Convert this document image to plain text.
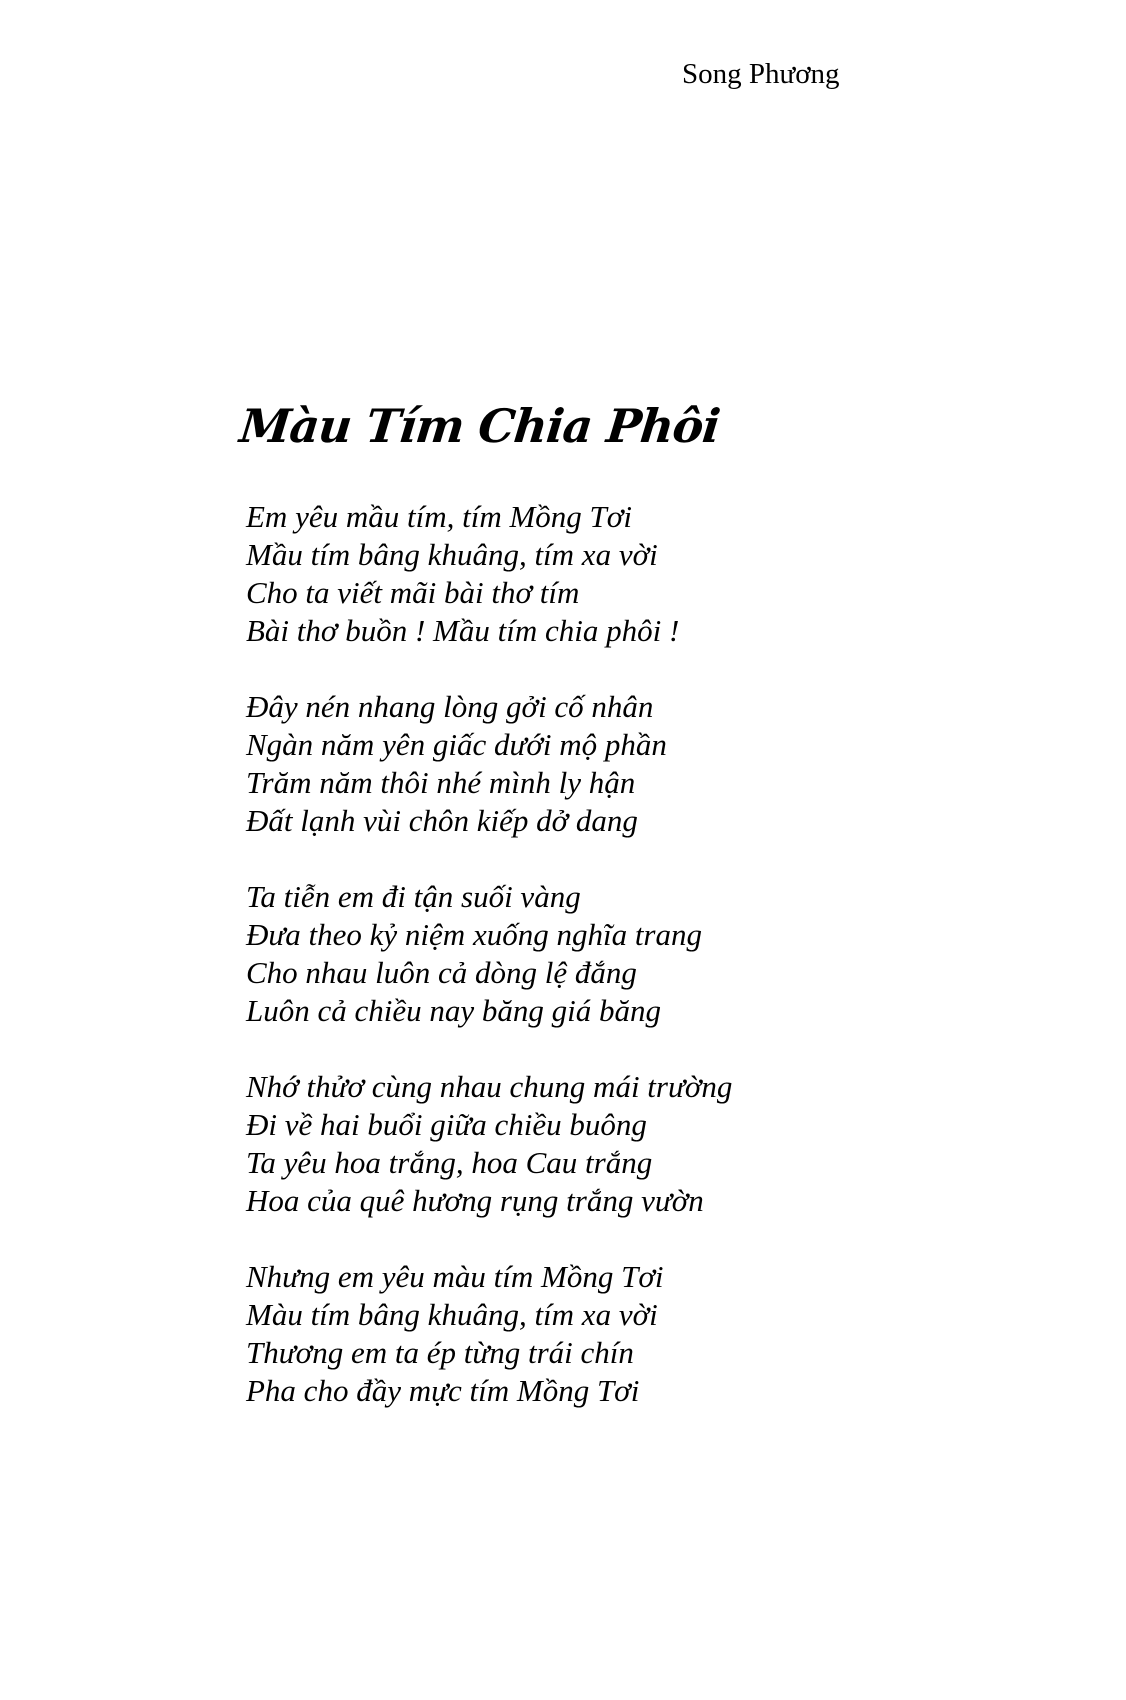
Song Phương
Màu Tím Chia Phôi
Em yêu mầu tím, tím Mồng Tơi
Mầu tím bâng khuâng, tím xa vời
Cho ta viết mãi bài thơ tím
Bài thơ buồn ! Mầu tím chia phôi !
Đây nén nhang lòng gởi cố nhân
Ngàn năm yên giấc dưới mộ phần
Trăm năm thôi nhé mình ly hận
Đất lạnh vùi chôn kiếp dở dang
Ta tiễn em đi tận suối vàng
Đưa theo kỷ niệm xuống nghĩa trang
Cho nhau luôn cả dòng lệ đắng
Luôn cả chiều nay băng giá băng
Nhớ thửơ cùng nhau chung mái trường
Đi về hai buổi giữa chiều buông
Ta yêu hoa trắng, hoa Cau trắng
Hoa của quê hương rụng trắng vườn
Nhưng em yêu màu tím Mồng Tơi
Màu tím bâng khuâng, tím xa vời
Thương em ta ép từng trái chín
Pha cho đầy mực tím Mồng Tơi
